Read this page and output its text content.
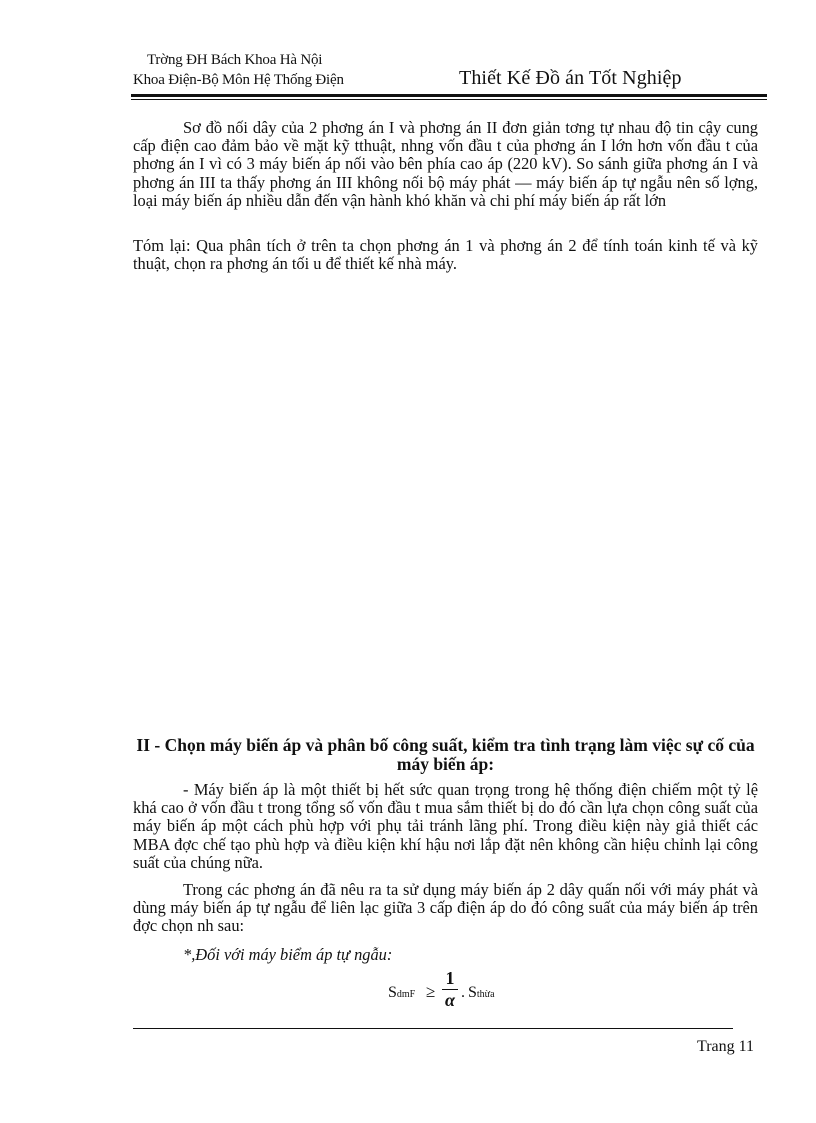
Trờng ĐH Bách Khoa Hà Nội
Khoa Điện-Bộ Môn Hệ Thống Điện	Thiết Kế Đồ án Tốt Nghiệp
Sơ đồ nối dây của 2 phơng án I và phơng án II đơn giản tơng tự nhau độ tin cậy cung cấp điện cao đảm bảo về mặt kỹ tthuật, nhng vốn đầu t của phơng án I lớn hơn vốn đầu t của phơng án I vì có 3 máy biến áp nối vào bên phía cao áp (220 kV). So sánh giữa phơng án I và phơng án III ta thấy phơng án III không nối bộ máy phát — máy biến áp tự ngẫu nên số lợng, loại máy biến áp nhiều dẫn đến vận hành khó khăn và chi phí máy biến áp rất lớn
Tóm lại: Qua phân tích ở trên ta chọn phơng án 1 và phơng án 2 để tính toán kinh tế và kỹ thuật, chọn ra phơng án tối u để thiết kế nhà máy.
II - Chọn máy biến áp và phân bố công suất, kiểm tra tình trạng làm việc sự cố của máy biến áp:
- Máy biến áp là một thiết bị hết sức quan trọng trong hệ thống điện chiếm một tỷ lệ khá cao ở vốn đầu t trong tổng số vốn đầu t mua sắm thiết bị do đó cần lựa chọn công suất của máy biến áp một cách phù hợp với phụ tải tránh lãng phí. Trong điều kiện này giả thiết các MBA đợc chế tạo phù hợp và điều kiện khí hậu nơi lắp đặt nên không cần hiệu chỉnh lại công suất của chúng nữa.
Trong các phơng án đã nêu ra ta sử dụng máy biến áp 2 dây quấn nối với máy phát và dùng máy biến áp tự ngẫu để liên lạc giữa 3 cấp điện áp do đó công suất của máy biến áp trên đợc chọn nh sau:
*,Đối với máy biểm áp tự ngẫu:
SdmF ≥
1
α . Sthừa
Trang 11
